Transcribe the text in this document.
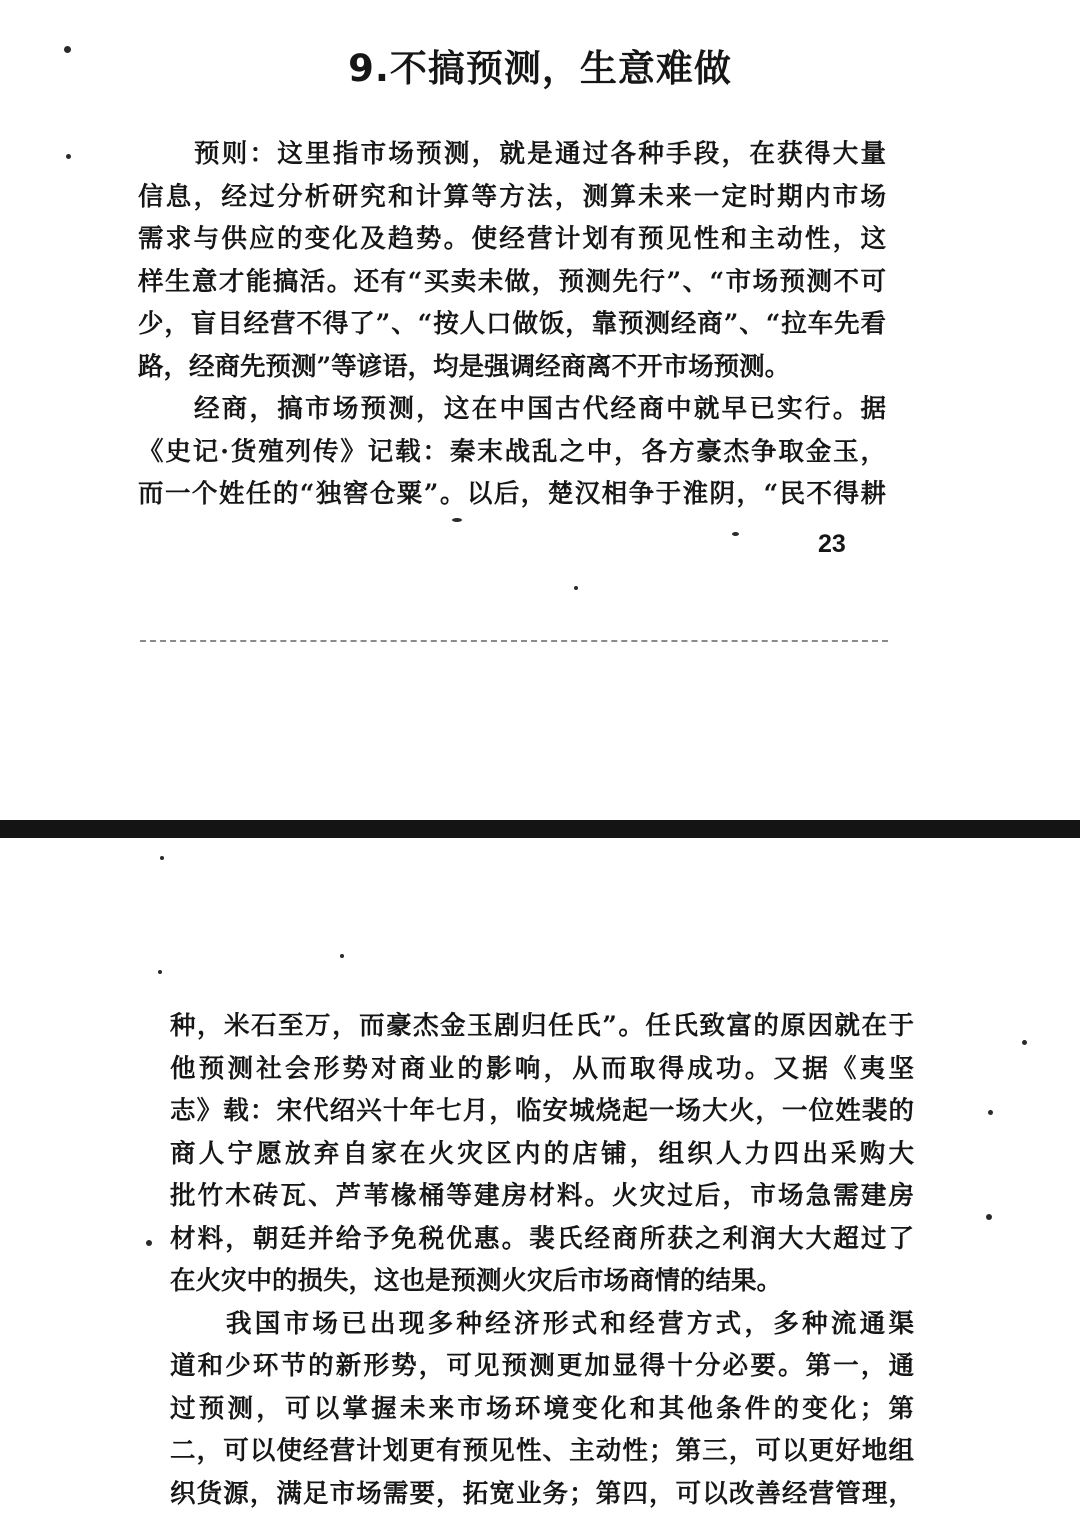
9.不搞预测，生意难做
预则：这里指市场预测，就是通过各种手段，在获得大量
信息，经过分析研究和计算等方法，测算未来一定时期内市场
需求与供应的变化及趋势。使经营计划有预见性和主动性，这
样生意才能搞活。还有“买卖未做，预测先行”、“市场预测不可
少，盲目经营不得了”、“按人口做饭，靠预测经商”、“拉车先看
路，经商先预测”等谚语，均是强调经商离不开市场预测。
经商，搞市场预测，这在中国古代经商中就早已实行。据
《史记·货殖列传》记载：秦末战乱之中，各方豪杰争取金玉，
而一个姓任的“独窖仓粟”。以后，楚汉相争于淮阴，“民不得耕
23
种，米石至万，而豪杰金玉剧归任氏”。任氏致富的原因就在于
他预测社会形势对商业的影响，从而取得成功。又据《夷坚
志》载：宋代绍兴十年七月，临安城烧起一场大火，一位姓裴的
商人宁愿放弃自家在火灾区内的店铺，组织人力四出采购大
批竹木砖瓦、芦苇椽桶等建房材料。火灾过后，市场急需建房
材料，朝廷并给予免税优惠。裴氏经商所获之利润大大超过了
在火灾中的损失，这也是预测火灾后市场商情的结果。
我国市场已出现多种经济形式和经营方式，多种流通渠
道和少环节的新形势，可见预测更加显得十分必要。第一，通
过预测，可以掌握未来市场环境变化和其他条件的变化；第
二，可以使经营计划更有预见性、主动性；第三，可以更好地组
织货源，满足市场需要，拓宽业务；第四，可以改善经营管理，
